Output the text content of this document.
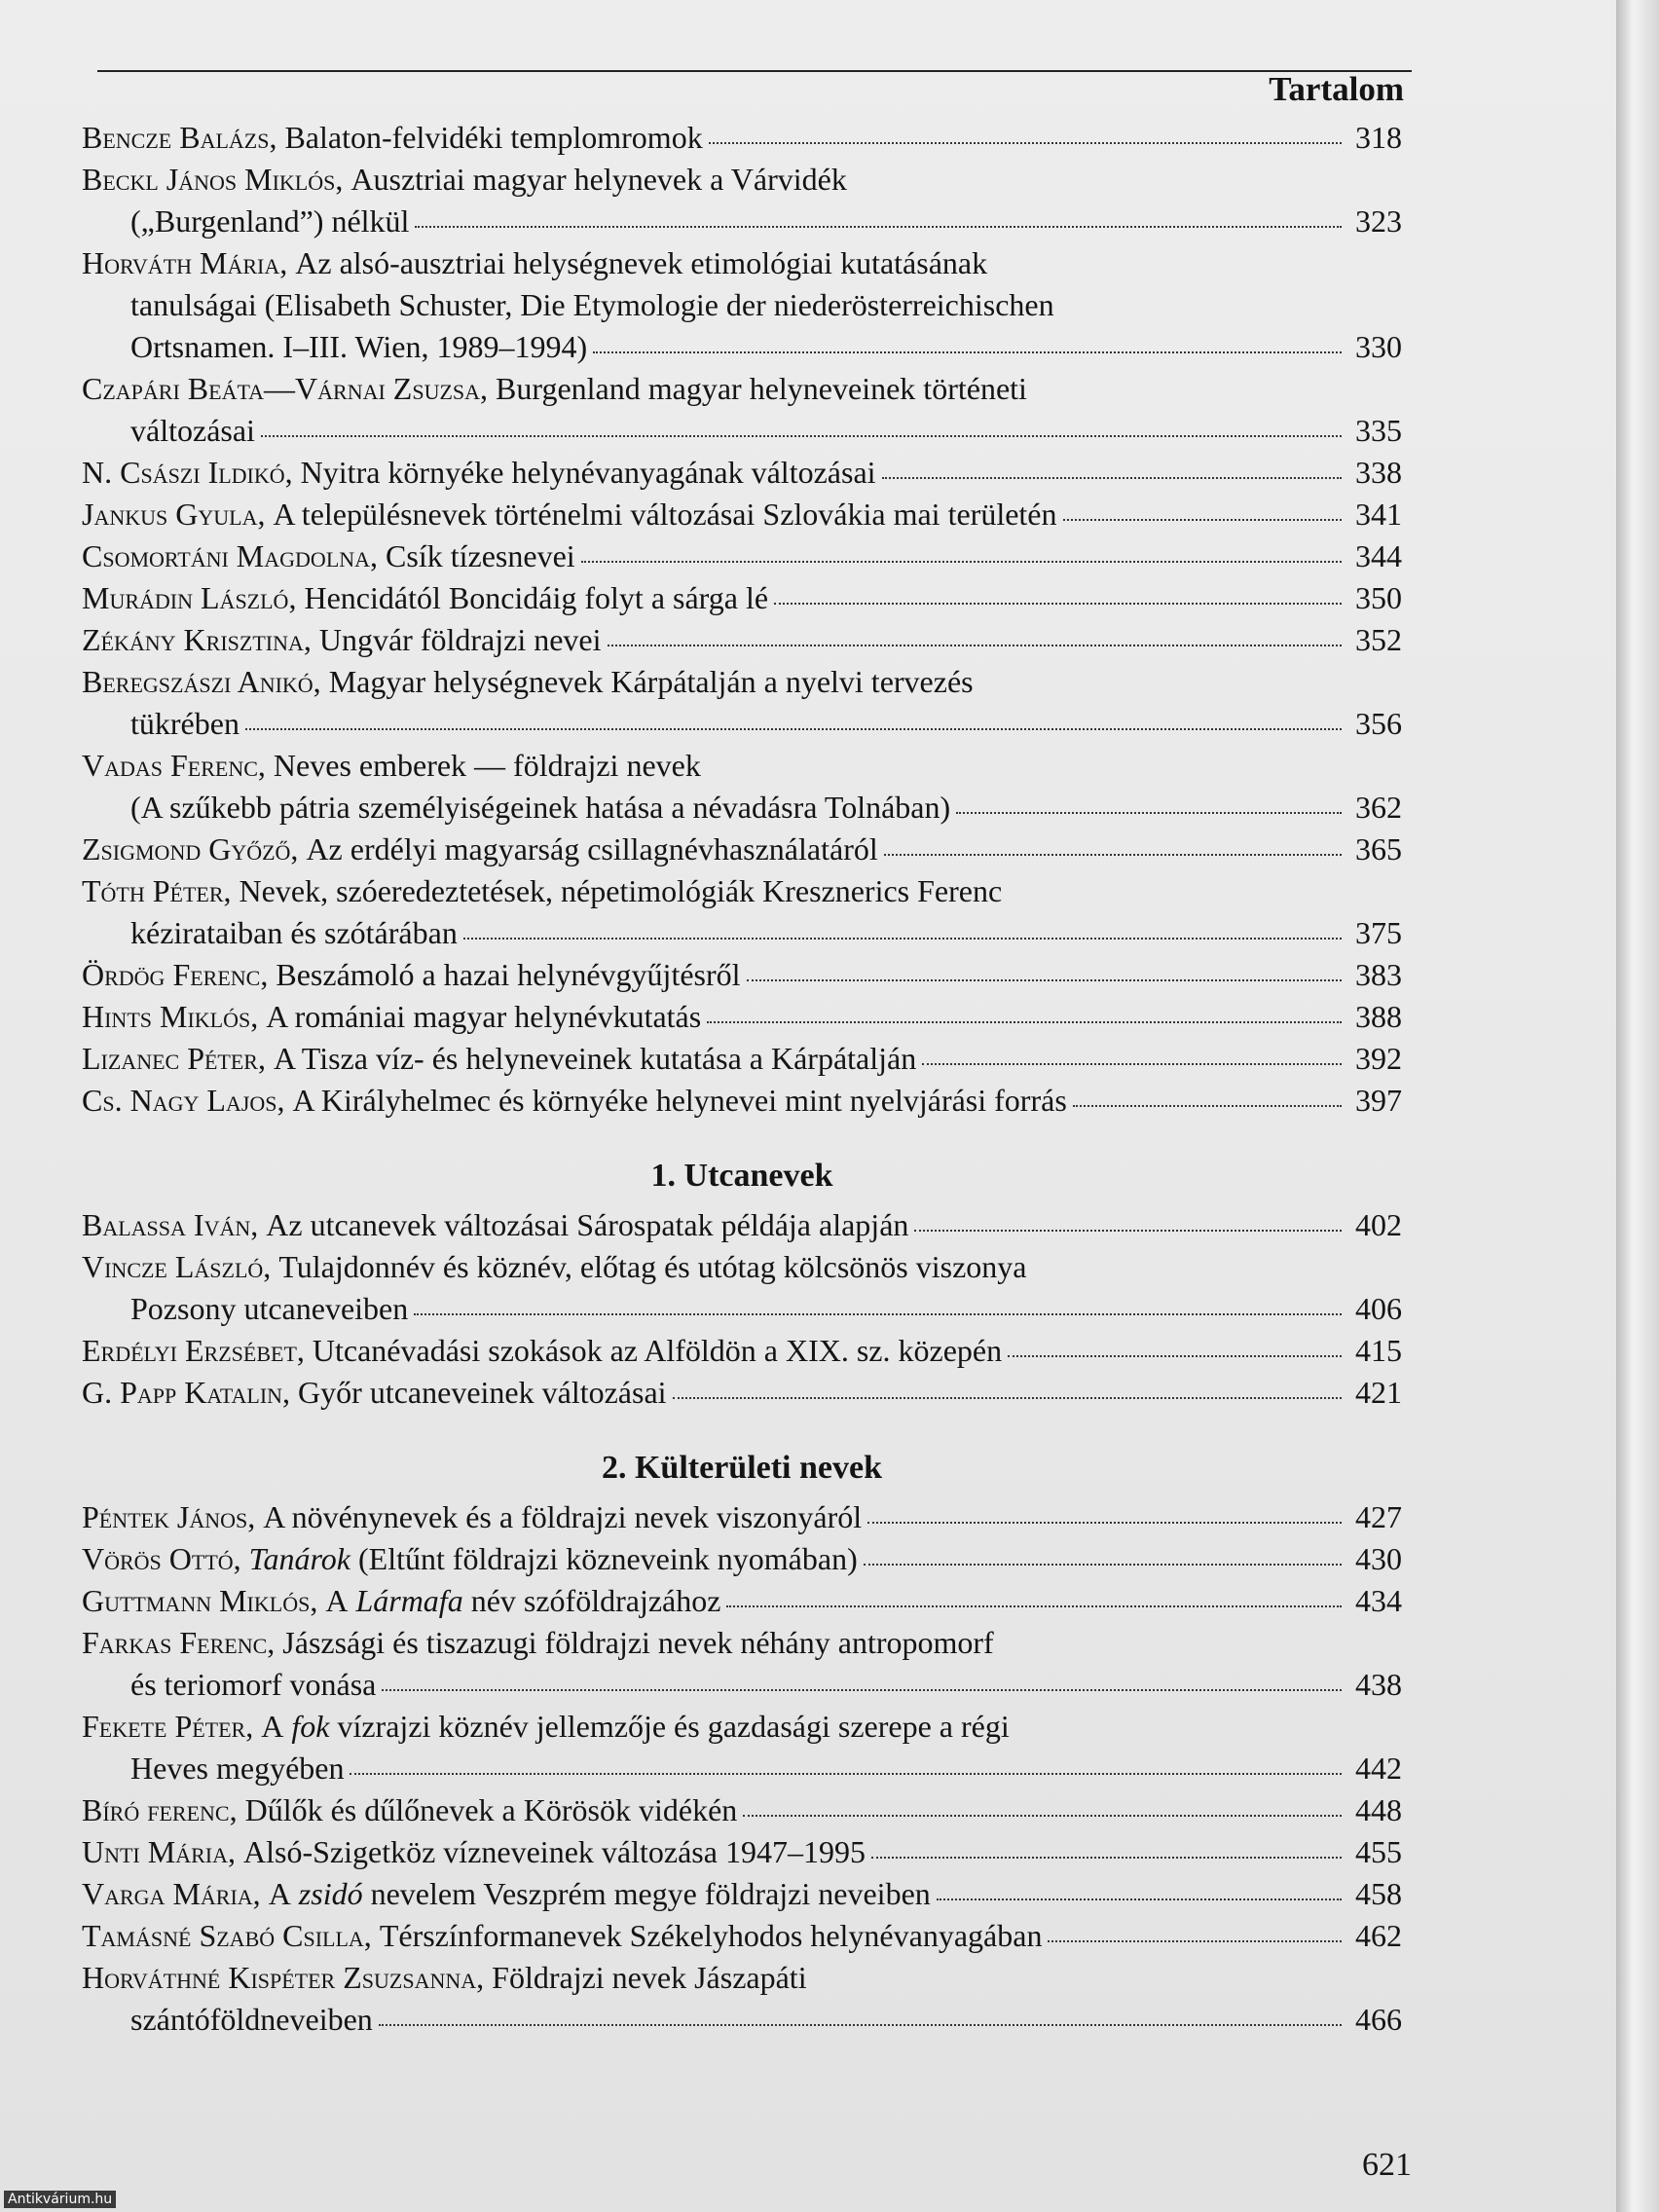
Tartalom
Bencze Balázs,
Balaton-felvidéki templomromok	318
Beckl János Miklós,
Ausztriai magyar helynevek a Várvidék
(„Burgenland”) nélkül	323
Horváth Mária,
Az alsó-ausztriai helységnevek etimológiai kutatásának
tanulságai (Elisabeth Schuster, Die Etymologie der niederösterreichischen
Ortsnamen. I–III. Wien, 1989–1994)	330
Czapári Beáta—Várnai Zsuzsa,
Burgenland magyar helyneveinek történeti
változásai	335
N. Császi Ildikó,
Nyitra környéke helynévanyagának változásai	338
Jankus Gyula,
A településnevek történelmi változásai Szlovákia mai területén	341
Csomortáni Magdolna,
Csík tízesnevei	344
Murádin László,
Hencidától Boncidáig folyt a sárga lé	350
Zékány Krisztina,
Ungvár földrajzi nevei	352
Beregszászi Anikó,
Magyar helységnevek Kárpátalján a nyelvi tervezés
tükrében	356
Vadas Ferenc,
Neves emberek — földrajzi nevek
(A szűkebb pátria személyiségeinek hatása a névadásra Tolnában)	362
Zsigmond Győző,
Az erdélyi magyarság csillagnévhasználatáról	365
Tóth Péter,
Nevek, szóeredeztetések, népetimológiák Kresznerics Ferenc
kézirataiban és szótárában	375
Ördög Ferenc,
Beszámoló a hazai helynévgyűjtésről	383
Hints Miklós,
A romániai magyar helynévkutatás	388
Lizanec Péter,
A Tisza víz- és helyneveinek kutatása a Kárpátalján	392
Cs. Nagy Lajos,
A Királyhelmec és környéke helynevei mint nyelvjárási forrás	397
1. Utcanevek
Balassa Iván,
Az utcanevek változásai Sárospatak példája alapján	402
Vincze László,
Tulajdonnév és köznév, előtag és utótag kölcsönös viszonya
Pozsony utcaneveiben	406
Erdélyi Erzsébet,
Utcanévadási szokások az Alföldön a XIX. sz. közepén	415
G. Papp Katalin,
Győr utcaneveinek változásai	421
2. Külterületi nevek
Péntek János,
A növénynevek és a földrajzi nevek viszonyáról	427
Vörös Ottó,
Tanárok
(Eltűnt földrajzi közneveink nyomában)	430
Guttmann Miklós,
A
Lármafa
név szóföldrajzához	434
Farkas Ferenc,
Jászsági és tiszazugi földrajzi nevek néhány antropomorf
és teriomorf vonása	438
Fekete Péter,
A
fok
vízrajzi köznév jellemzője és gazdasági szerepe a régi
Heves megyében	442
Bíró ferenc,
Dűlők és dűlőnevek a Körösök vidékén	448
Unti Mária,
Alsó-Szigetköz vízneveinek változása 1947–1995	455
Varga Mária,
A
zsidó
nevelem Veszprém megye földrajzi neveiben	458
Tamásné Szabó Csilla,
Térszínformanevek Székelyhodos helynévanyagában	462
Horváthné Kispéter Zsuzsanna,
Földrajzi nevek Jászapáti
szántóföldneveiben	466
621
Antikvárium.hu
